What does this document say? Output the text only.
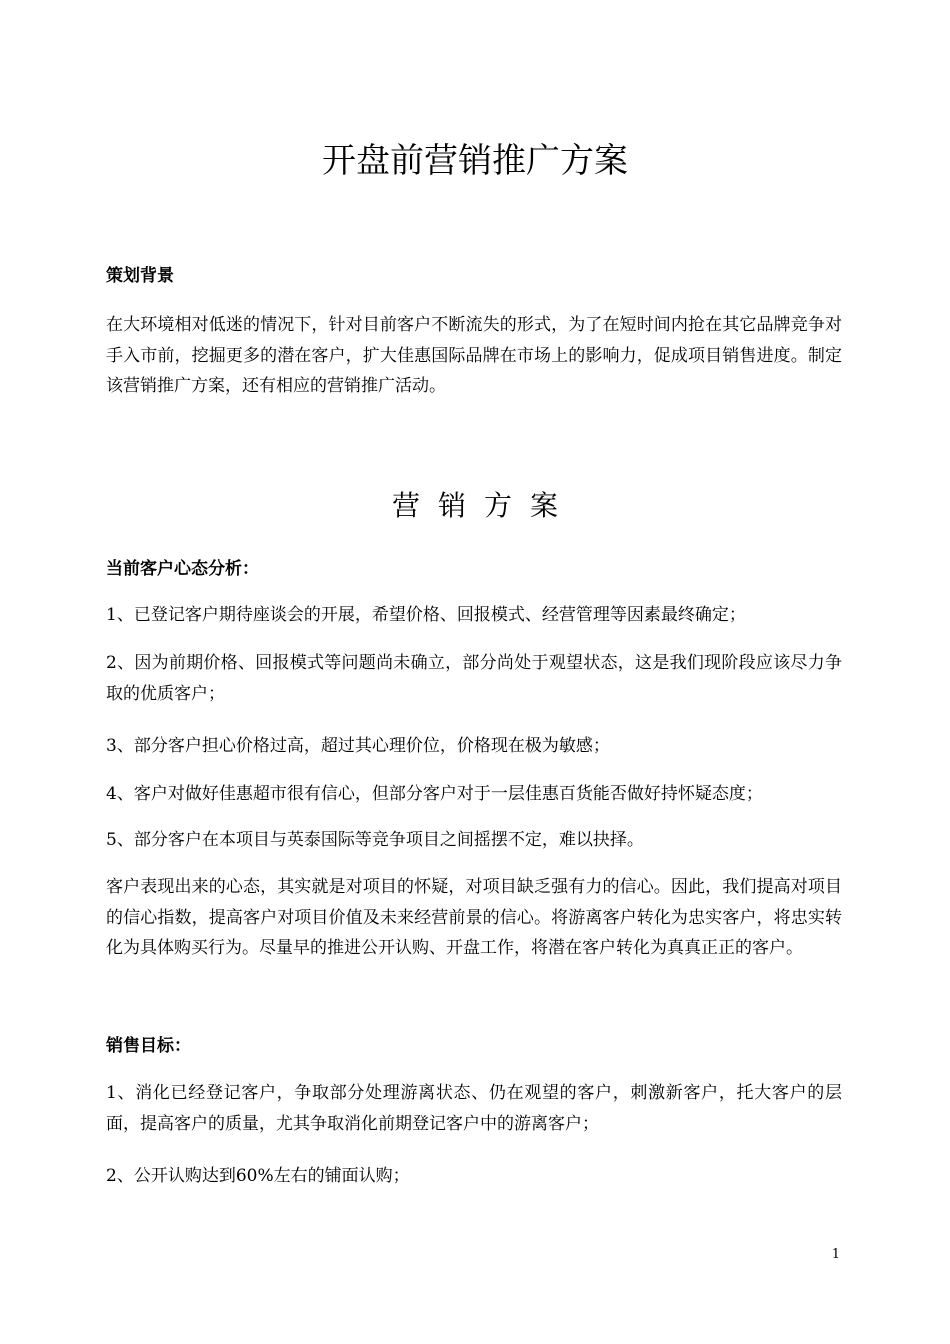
开盘前营销推广方案
策划背景

在大环境相对低迷的情况下，针对目前客户不断流失的形式，为了在短时间内抢在其它品牌竞争对手入市前，挖掘更多的潜在客户，扩大佳惠国际品牌在市场上的影响力，促成项目销售进度。制定该营销推广方案，还有相应的营销推广活动。

营销方案
当前客户心态分析：

1、已登记客户期待座谈会的开展，希望价格、回报模式、经营管理等因素最终确定；

2、因为前期价格、回报模式等问题尚未确立，部分尚处于观望状态，这是我们现阶段应该尽力争取的优质客户；

3、部分客户担心价格过高，超过其心理价位，价格现在极为敏感；

4、客户对做好佳惠超市很有信心，但部分客户对于一层佳惠百货能否做好持怀疑态度；

5、部分客户在本项目与英泰国际等竞争项目之间摇摆不定，难以抉择。

客户表现出来的心态，其实就是对项目的怀疑，对项目缺乏强有力的信心。因此，我们提高对项目的信心指数，提高客户对项目价值及未来经营前景的信心。将游离客户转化为忠实客户，将忠实转化为具体购买行为。尽量早的推进公开认购、开盘工作，将潜在客户转化为真真正正的客户。

销售目标：

1、消化已经登记客户，争取部分处理游离状态、仍在观望的客户，刺激新客户，托大客户的层面，提高客户的质量，尤其争取消化前期登记客户中的游离客户；

2、公开认购达到60%左右的铺面认购；

1
